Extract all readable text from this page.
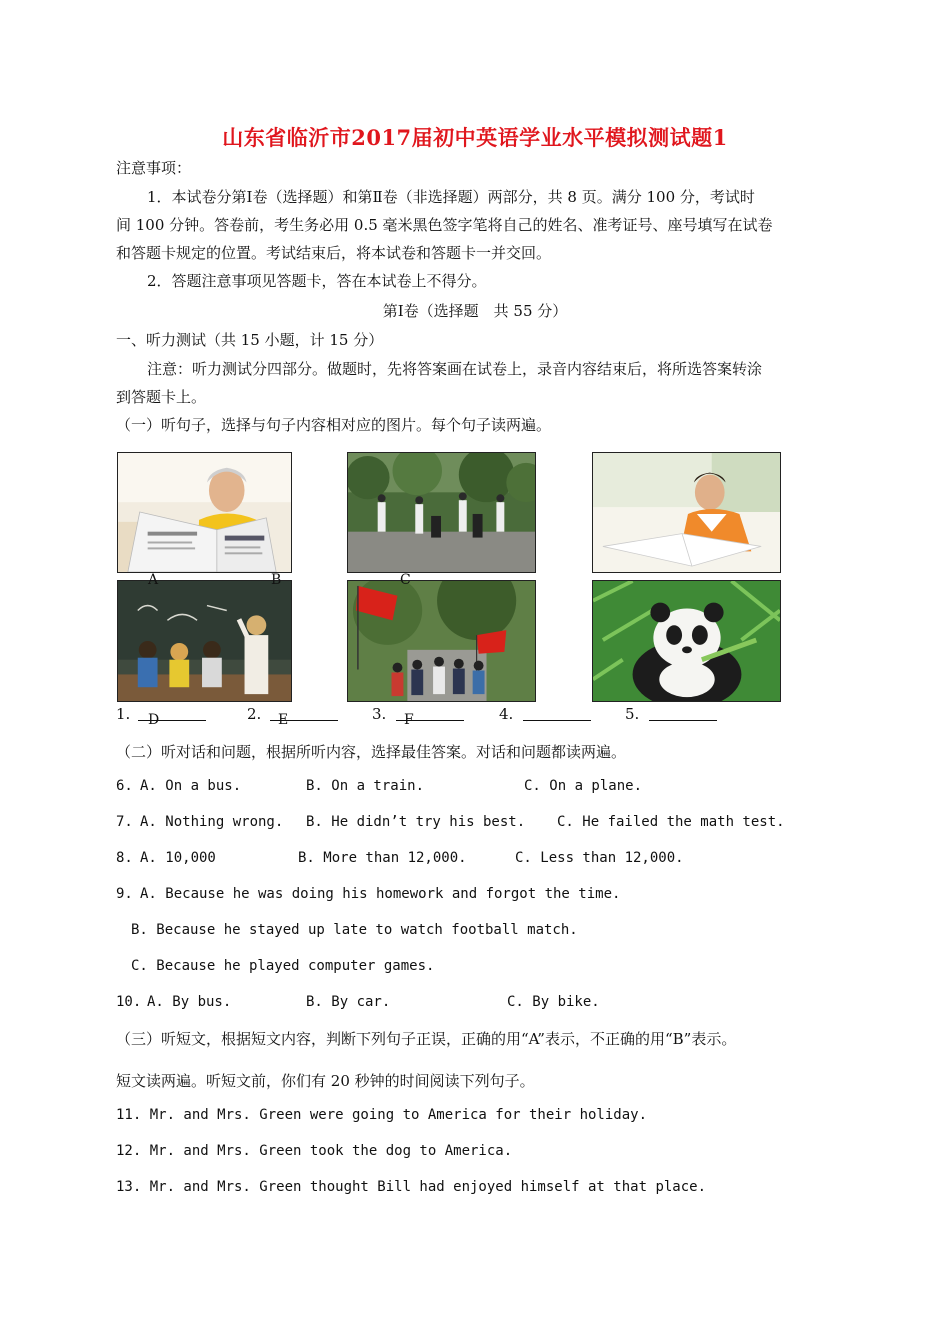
山东省临沂市2017届初中英语学业水平模拟测试题1
注意事项：
1．本试卷分第Ⅰ卷（选择题）和第Ⅱ卷（非选择题）两部分，共 8 页。满分 100 分，考试时
间 100 分钟。答卷前，考生务必用 0.5 毫米黑色签字笔将自己的姓名、准考证号、座号填写在试卷
和答题卡规定的位置。考试结束后，将本试卷和答题卡一并交回。
2．答题注意事项见答题卡，答在本试卷上不得分。
第Ⅰ卷（选择题　共 55 分）
一、听力测试（共 15 小题，计 15 分）
注意：听力测试分四部分。做题时，先将答案画在试卷上，录音内容结束后，将所选答案转涂
到答题卡上。
（一）听句子，选择与句子内容相对应的图片。每个句子读两遍。
A	B	C
D	E	F
1.	2.	3.	4.	5.
（二）听对话和问题，根据所听内容，选择最佳答案。对话和问题都读两遍。
6. A. On a bus.	B. On a train.	C. On a plane.
7. A. Nothing wrong. B. He didn’t try his best. C. He failed the math test.
8. A. 10,000	B. More than 12,000.	C. Less than 12,000.
9. A. Because he was doing his homework and forgot the time.
B. Because he stayed up late to watch football match.
C. Because he played computer games.
10. A. By bus.	B. By car.	C. By bike.
（三）听短文，根据短文内容，判断下列句子正误，正确的用“A”表示，不正确的用“B”表示。
短文读两遍。听短文前，你们有 20 秒钟的时间阅读下列句子。
11. Mr. and Mrs. Green were going to America for their holiday.
12. Mr. and Mrs. Green took the dog to America.
13. Mr. and Mrs. Green thought Bill had enjoyed himself at that place.
